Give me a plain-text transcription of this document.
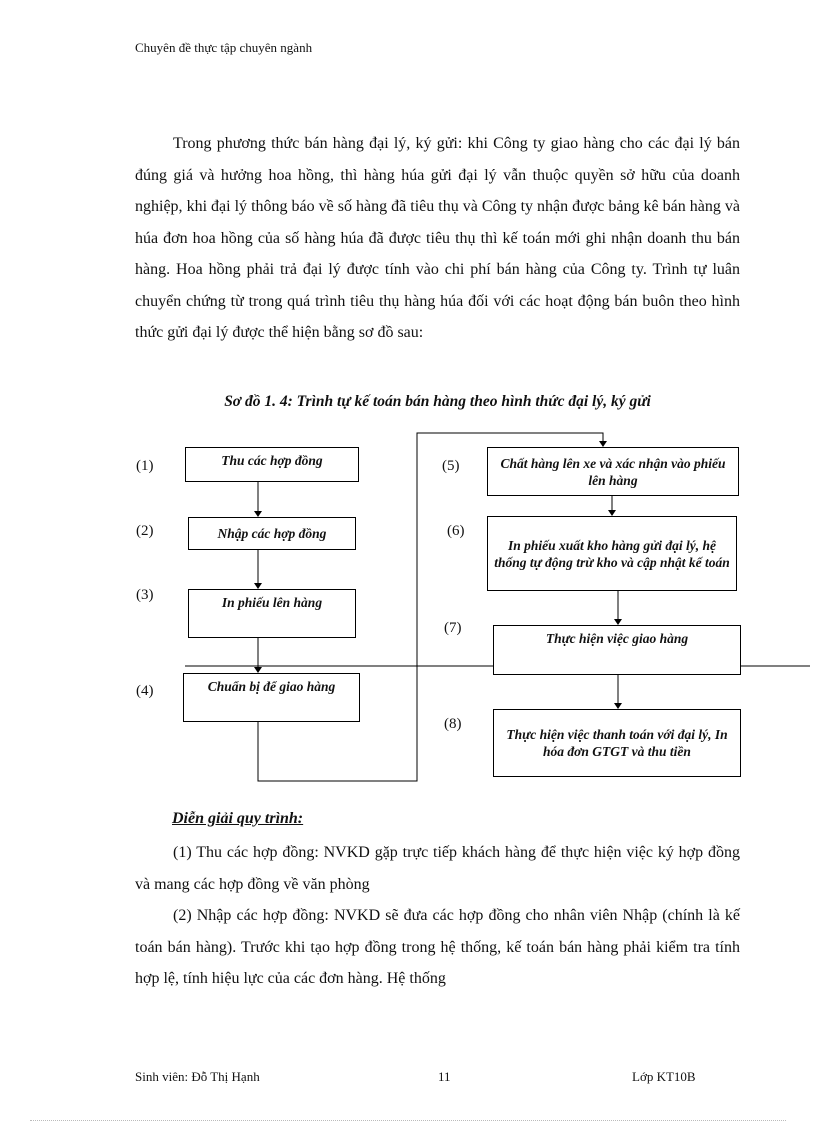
Chuyên đề thực tập chuyên ngành

Trong phương thức bán hàng đại lý, ký gửi: khi Công ty giao hàng cho các đại lý bán đúng giá và hưởng hoa hồng, thì hàng húa gửi đại lý vẫn thuộc quyền sở hữu của doanh nghiệp, khi đại lý thông báo về số hàng đã tiêu thụ và Công ty nhận được bảng kê bán hàng và húa đơn hoa hồng của số hàng húa đã được tiêu thụ thì kế toán mới ghi nhận doanh thu bán hàng. Hoa hồng phải trả đại lý được tính vào chi phí bán hàng của Công ty. Trình tự luân chuyển chứng từ trong quá trình tiêu thụ hàng húa đối với các hoạt động bán buôn theo hình thức gửi đại lý được thể hiện bằng sơ đồ sau:

Sơ đồ 1. 4: Trình tự kế toán bán hàng theo hình thức đại lý, ký gửi
(1)
(2)
(3)
(4)
(5)
(6)
(7)
(8)
Thu các hợp đồng
Nhập các hợp đồng
In phiếu lên hàng
Chuẩn bị để giao hàng
Chất hàng lên xe và xác nhận vào phiếu lên hàng
In phiếu xuất kho hàng gửi đại lý, hệ thống tự động trừ kho và cập nhật kế toán
Thực hiện việc giao hàng
Thực hiện việc thanh toán với đại lý, In hóa đơn GTGT và thu tiền
Diễn giải quy trình:

(1) Thu các hợp đồng: NVKD gặp trực tiếp khách hàng để thực hiện việc ký hợp đồng và mang các hợp đồng về văn phòng

(2) Nhập các hợp đồng: NVKD sẽ đưa các hợp đồng cho nhân viên Nhập (chính là kế toán bán hàng). Trước khi tạo hợp đồng trong hệ thống, kế toán bán hàng phải kiểm tra tính hợp lệ, tính hiệu lực của các đơn hàng. Hệ thống

Sinh viên: Đỗ Thị Hạnh	11	Lớp KT10B
